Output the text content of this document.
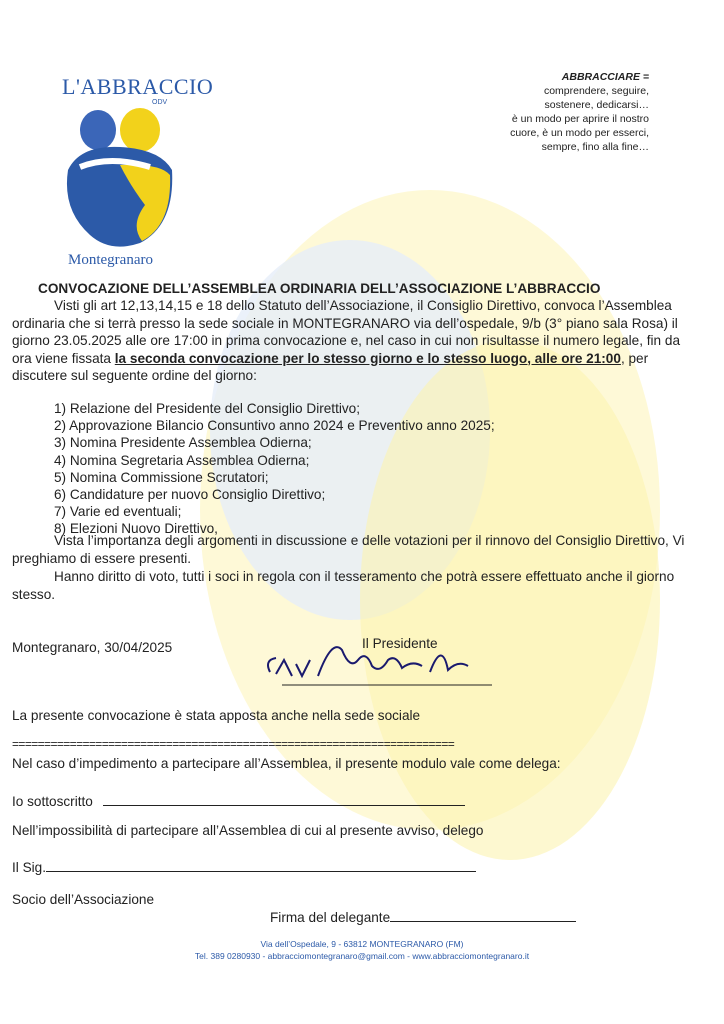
L'ABBRACCIO
ODV
Montegranaro
ABBRACCIARE =
comprendere, seguire,
sostenere, dedicarsi…
è un modo per aprire il nostro
cuore, è un modo per esserci,
sempre, fino alla fine…
CONVOCAZIONE DELL’ASSEMBLEA ORDINARIA DELL’ASSOCIAZIONE L’ABBRACCIO
Visti gli art 12,13,14,15 e 18 dello Statuto dell’Associazione, il Consiglio Direttivo, convoca l’Assemblea ordinaria che si terrà presso la sede sociale in MONTEGRANARO via dell’ospedale, 9/b (3° piano sala Rosa) il giorno 23.05.2025 alle ore 17:00 in prima convocazione e, nel caso in cui non risultasse il numero legale, fin da ora viene fissata la seconda convocazione per lo stesso giorno e lo stesso luogo, alle ore 21:00, per discutere sul seguente ordine del giorno:
1) Relazione del Presidente del Consiglio Direttivo;
2) Approvazione Bilancio Consuntivo anno 2024 e Preventivo anno 2025;
3) Nomina Presidente Assemblea Odierna;
4) Nomina Segretaria Assemblea Odierna;
5) Nomina Commissione Scrutatori;
6) Candidature per nuovo Consiglio Direttivo;
7) Varie ed eventuali;
8) Elezioni Nuovo Direttivo,
Vista l’importanza degli argomenti in discussione e delle votazioni per il rinnovo del Consiglio Direttivo, Vi preghiamo di essere presenti.
Hanno diritto di voto, tutti i soci in regola con il tesseramento che potrà essere effettuato anche il giorno stesso.
Montegranaro, 30/04/2025	Il Presidente
La presente convocazione è stata apposta anche nella sede sociale
=====================================================================
Nel caso d’impedimento a partecipare all’Assemblea, il presente modulo vale come delega:
Io sottoscritto
Nell’impossibilità di partecipare all’Assemblea di cui al presente avviso, delego
Il Sig.
Socio dell’Associazione
Firma del delegante
Via dell’Ospedale, 9 - 63812 MONTEGRANARO (FM)
Tel. 389 0280930 - abbracciomontegranaro@gmail.com - www.abbracciomontegranaro.it
